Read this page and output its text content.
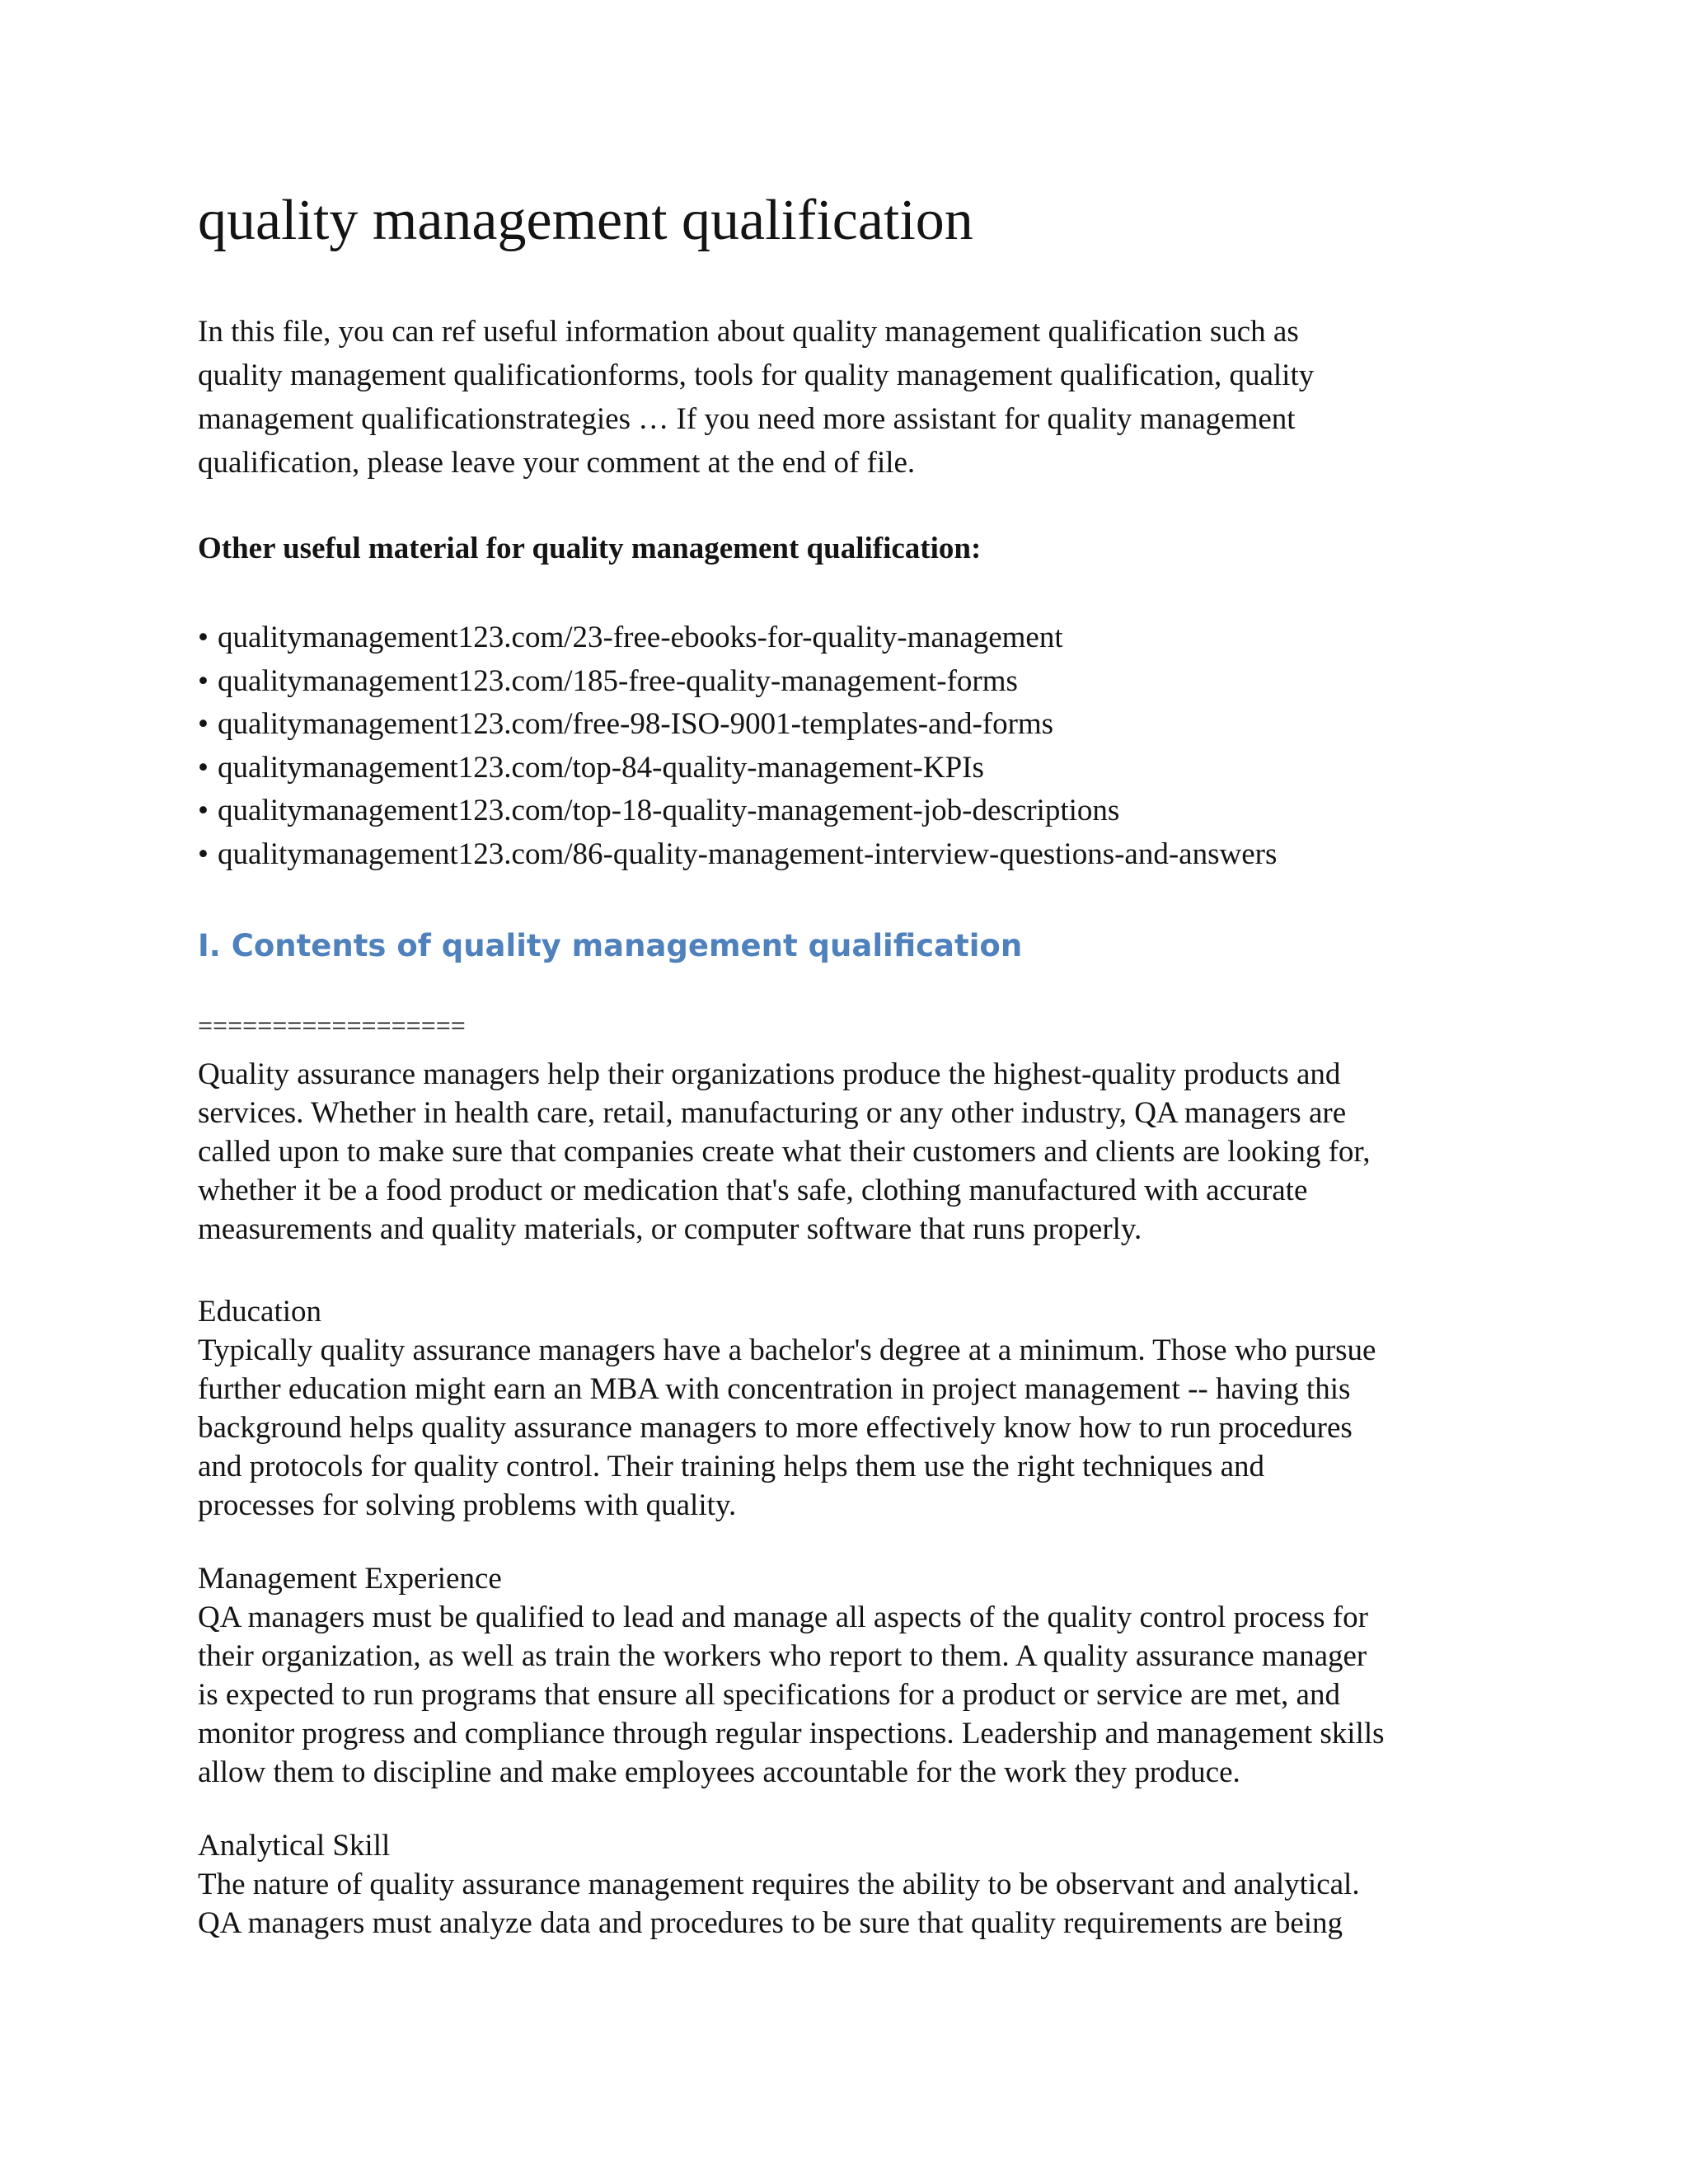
quality management qualification

In this file, you can ref useful information about quality management qualification such as
quality management qualificationforms, tools for quality management qualification, quality
management qualificationstrategies … If you need more assistant for quality management
qualification, please leave your comment at the end of file.

Other useful material for quality management qualification:

• qualitymanagement123.com/23-free-ebooks-for-quality-management
• qualitymanagement123.com/185-free-quality-management-forms
• qualitymanagement123.com/free-98-ISO-9001-templates-and-forms
• qualitymanagement123.com/top-84-quality-management-KPIs
• qualitymanagement123.com/top-18-quality-management-job-descriptions
• qualitymanagement123.com/86-quality-management-interview-questions-and-answers
I. Contents of quality management qualification

==================

Quality assurance managers help their organizations produce the highest-quality products and
services. Whether in health care, retail, manufacturing or any other industry, QA managers are
called upon to make sure that companies create what their customers and clients are looking for,
whether it be a food product or medication that's safe, clothing manufactured with accurate
measurements and quality materials, or computer software that runs properly.

Education

Typically quality assurance managers have a bachelor's degree at a minimum. Those who pursue
further education might earn an MBA with concentration in project management -- having this
background helps quality assurance managers to more effectively know how to run procedures
and protocols for quality control. Their training helps them use the right techniques and
processes for solving problems with quality.

Management Experience

QA managers must be qualified to lead and manage all aspects of the quality control process for
their organization, as well as train the workers who report to them. A quality assurance manager
is expected to run programs that ensure all specifications for a product or service are met, and
monitor progress and compliance through regular inspections. Leadership and management skills
allow them to discipline and make employees accountable for the work they produce.

Analytical Skill

The nature of quality assurance management requires the ability to be observant and analytical.
QA managers must analyze data and procedures to be sure that quality requirements are being
